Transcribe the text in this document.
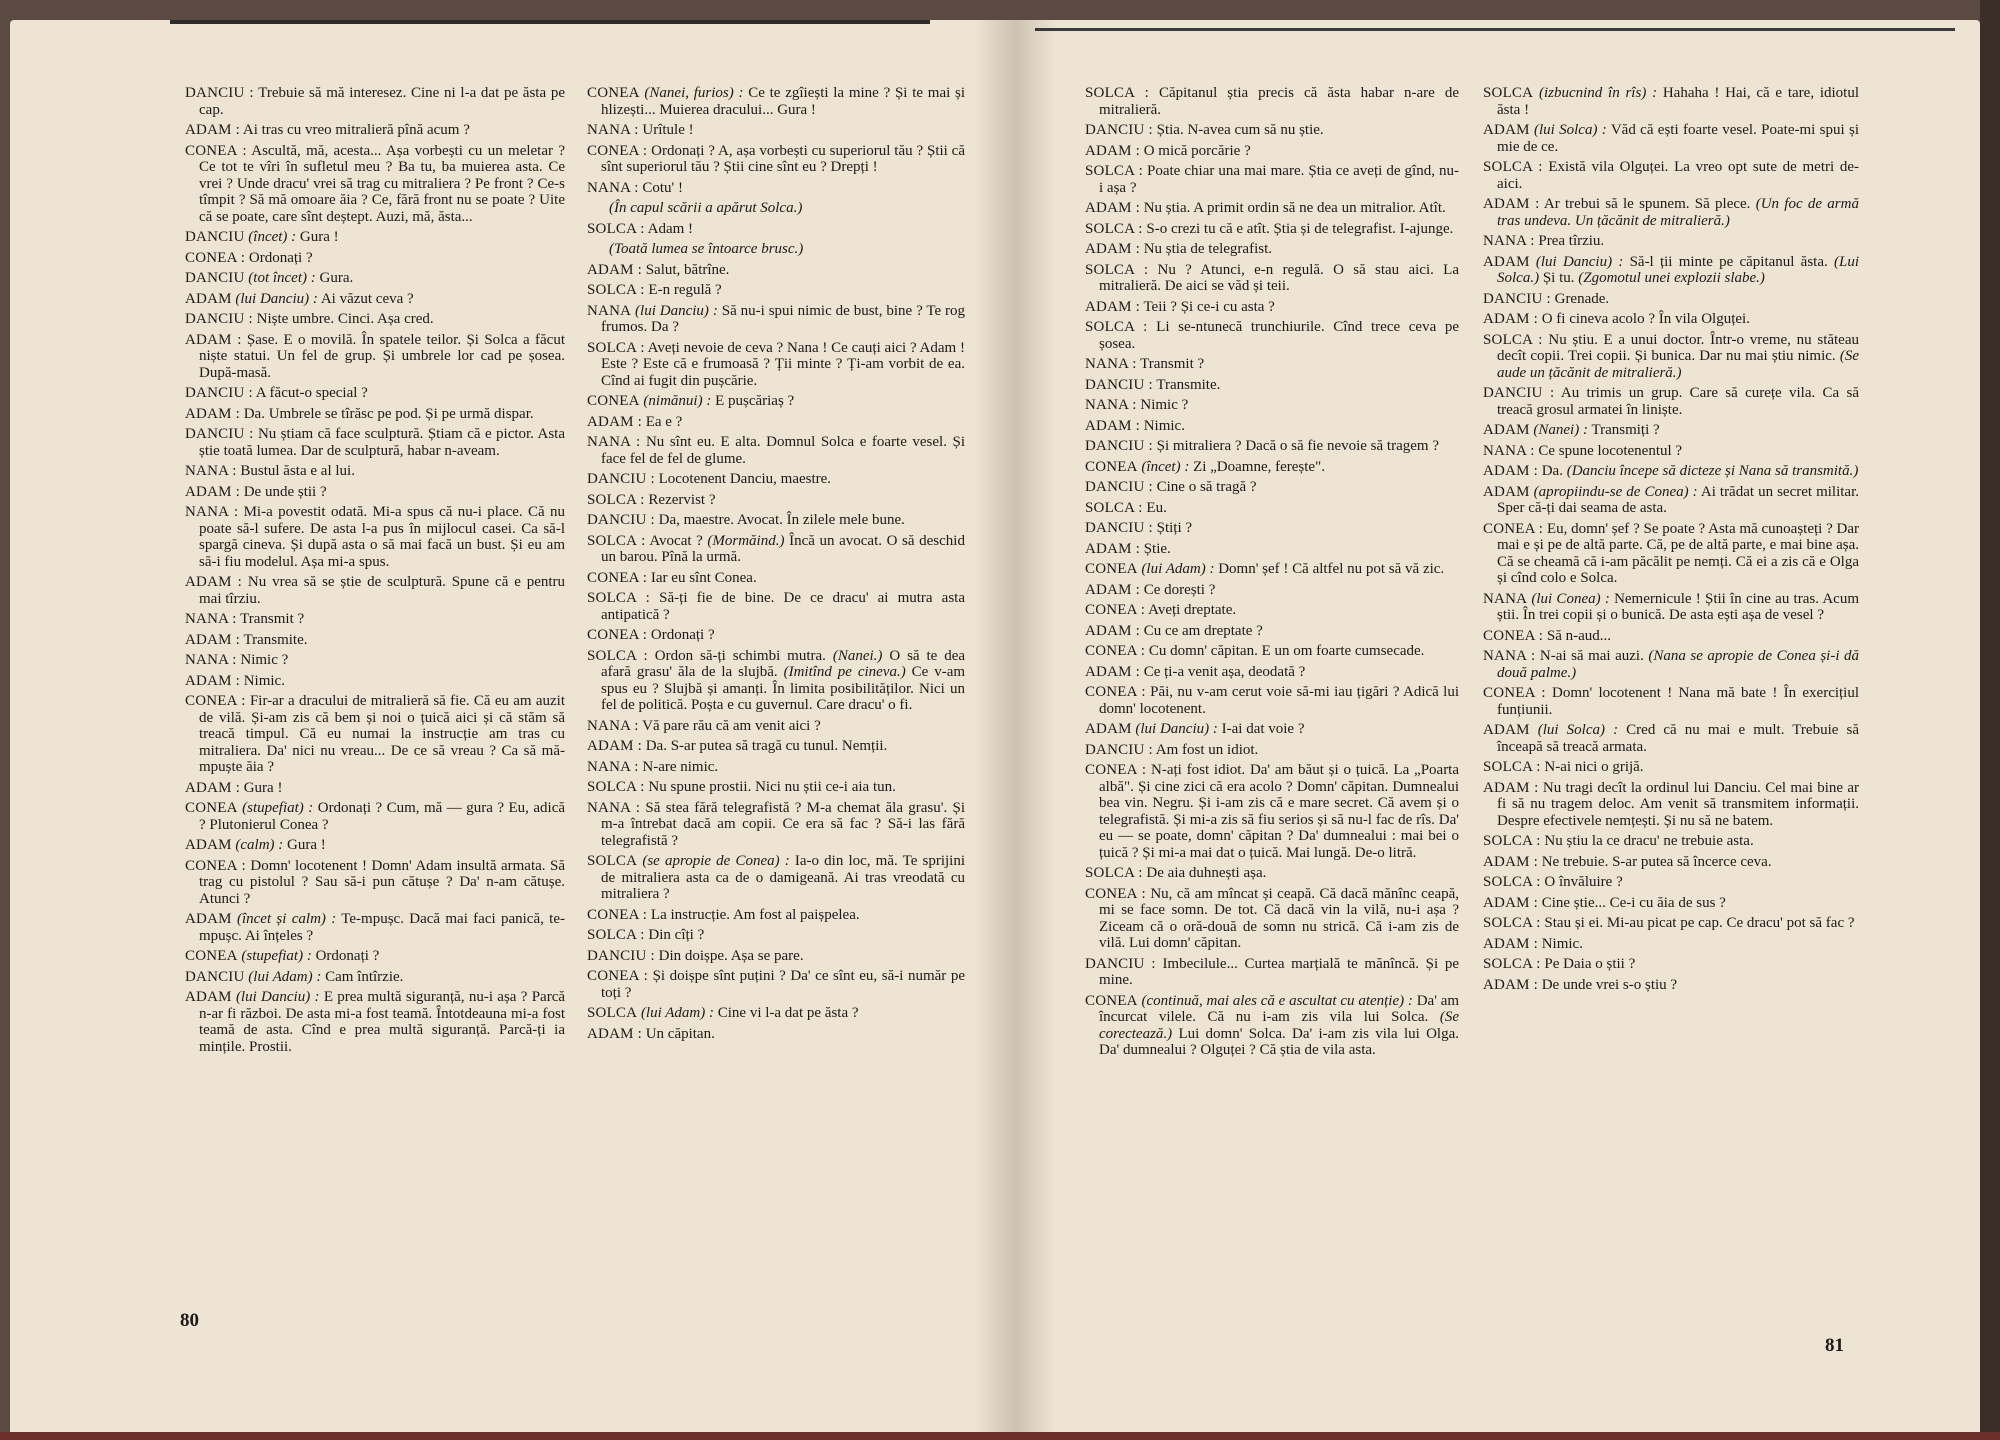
DANCIU : Trebuie să mă interesez. Cine ni l-a dat pe ăsta pe cap.

ADAM : Ai tras cu vreo mitralieră pînă acum ?

CONEA : Ascultă, mă, acesta... Așa vorbești cu un meletar ? Ce tot te vîri în sufletul meu ? Ba tu, ba muierea asta. Ce vrei ? Unde dracu' vrei să trag cu mitraliera ? Pe front ? Ce-s tîmpit ? Să mă omoare ăia ? Ce, fără front nu se poate ? Uite că se poate, care sînt deștept. Auzi, mă, ăsta...

DANCIU (încet) : Gura !

CONEA : Ordonați ?

DANCIU (tot încet) : Gura.

ADAM (lui Danciu) : Ai văzut ceva ?

DANCIU : Niște umbre. Cinci. Așa cred.

ADAM : Șase. E o movilă. În spatele teilor. Și Solca a făcut niște statui. Un fel de grup. Și umbrele lor cad pe șosea. După-masă.

DANCIU : A făcut-o special ?

ADAM : Da. Umbrele se tîrăsc pe pod. Și pe urmă dispar.

DANCIU : Nu știam că face sculptură. Știam că e pictor. Asta știe toată lumea. Dar de sculptură, habar n-aveam.

NANA : Bustul ăsta e al lui.

ADAM : De unde știi ?

NANA : Mi-a povestit odată. Mi-a spus că nu-i place. Că nu poate să-l sufere. De asta l-a pus în mijlocul casei. Ca să-l spargă cineva. Și după asta o să mai facă un bust. Și eu am să-i fiu modelul. Așa mi-a spus.

ADAM : Nu vrea să se știe de sculptură. Spune că e pentru mai tîrziu.

NANA : Transmit ?

ADAM : Transmite.

NANA : Nimic ?

ADAM : Nimic.

CONEA : Fir-ar a dracului de mitralieră să fie. Că eu am auzit de vilă. Și-am zis că bem și noi o țuică aici și că stăm să treacă timpul. Că eu numai la instrucție am tras cu mitraliera. Da' nici nu vreau... De ce să vreau ? Ca să mă-mpuște ăia ?

ADAM : Gura !

CONEA (stupefiat) : Ordonați ? Cum, mă — gura ? Eu, adică ? Plutonierul Conea ?

ADAM (calm) : Gura !

CONEA : Domn' locotenent ! Domn' Adam insultă armata. Să trag cu pistolul ? Sau să-i pun cătușe ? Da' n-am cătușe. Atunci ?

ADAM (încet și calm) : Te-mpușc. Dacă mai faci panică, te-mpușc. Ai înțeles ?

CONEA (stupefiat) : Ordonați ?

DANCIU (lui Adam) : Cam întîrzie.

ADAM (lui Danciu) : E prea multă siguranță, nu-i așa ? Parcă n-ar fi război. De asta mi-a fost teamă. Întotdeauna mi-a fost teamă de asta. Cînd e prea multă siguranță. Parcă-ți ia mințile. Prostii.

CONEA (Nanei, furios) : Ce te zgîiești la mine ? Și te mai și hlizești... Muierea dracului... Gura !

NANA : Urîtule !

CONEA : Ordonați ? A, așa vorbești cu superiorul tău ? Știi că sînt superiorul tău ? Știi cine sînt eu ? Drepți !

NANA : Cotu' !

(În capul scării a apărut Solca.)

SOLCA : Adam !

(Toată lumea se întoarce brusc.)

ADAM : Salut, bătrîne.

SOLCA : E-n regulă ?

NANA (lui Danciu) : Să nu-i spui nimic de bust, bine ? Te rog frumos. Da ?

SOLCA : Aveți nevoie de ceva ? Nana ! Ce cauți aici ? Adam ! Este ? Este că e frumoasă ? Ții minte ? Ți-am vorbit de ea. Cînd ai fugit din pușcărie.

CONEA (nimănui) : E pușcăriaș ?

ADAM : Ea e ?

NANA : Nu sînt eu. E alta. Domnul Solca e foarte vesel. Și face fel de fel de glume.

DANCIU : Locotenent Danciu, maestre.

SOLCA : Rezervist ?

DANCIU : Da, maestre. Avocat. În zilele mele bune.

SOLCA : Avocat ? (Mormăind.) Încă un avocat. O să deschid un barou. Pînă la urmă.

CONEA : Iar eu sînt Conea.

SOLCA : Să-ți fie de bine. De ce dracu' ai mutra asta antipatică ?

CONEA : Ordonați ?

SOLCA : Ordon să-ți schimbi mutra. (Nanei.) O să te dea afară grasu' ăla de la slujbă. (Imitînd pe cineva.) Ce v-am spus eu ? Slujbă și amanți. În limita posibilităților. Nici un fel de politică. Poșta e cu guvernul. Care dracu' o fi.

NANA : Vă pare rău că am venit aici ?

ADAM : Da. S-ar putea să tragă cu tunul. Nemții.

NANA : N-are nimic.

SOLCA : Nu spune prostii. Nici nu știi ce-i aia tun.

NANA : Să stea fără telegrafistă ? M-a chemat ăla grasu'. Și m-a întrebat dacă am copii. Ce era să fac ? Să-i las fără telegrafistă ?

SOLCA (se apropie de Conea) : Ia-o din loc, mă. Te sprijini de mitraliera asta ca de o damigeană. Ai tras vreodată cu mitraliera ?

CONEA : La instrucție. Am fost al paișpelea.

SOLCA : Din cîți ?

DANCIU : Din doișpe. Așa se pare.

CONEA : Și doișpe sînt puțini ? Da' ce sînt eu, să-i număr pe toți ?

SOLCA (lui Adam) : Cine vi l-a dat pe ăsta ?

ADAM : Un căpitan.

80

SOLCA : Căpitanul știa precis că ăsta habar n-are de mitralieră.

DANCIU : Știa. N-avea cum să nu știe.

ADAM : O mică porcărie ?

SOLCA : Poate chiar una mai mare. Știa ce aveți de gînd, nu-i așa ?

ADAM : Nu știa. A primit ordin să ne dea un mitralior. Atît.

SOLCA : S-o crezi tu că e atît. Știa și de telegrafist. I-ajunge.

ADAM : Nu știa de telegrafist.

SOLCA : Nu ? Atunci, e-n regulă. O să stau aici. La mitralieră. De aici se văd și teii.

ADAM : Teii ? Și ce-i cu asta ?

SOLCA : Li se-ntunecă trunchiurile. Cînd trece ceva pe șosea.

NANA : Transmit ?

DANCIU : Transmite.

NANA : Nimic ?

ADAM : Nimic.

DANCIU : Și mitraliera ? Dacă o să fie nevoie să tragem ?

CONEA (încet) : Zi „Doamne, ferește".

DANCIU : Cine o să tragă ?

SOLCA : Eu.

DANCIU : Știți ?

ADAM : Știe.

CONEA (lui Adam) : Domn' șef ! Că altfel nu pot să vă zic.

ADAM : Ce dorești ?

CONEA : Aveți dreptate.

ADAM : Cu ce am dreptate ?

CONEA : Cu domn' căpitan. E un om foarte cumsecade.

ADAM : Ce ți-a venit așa, deodată ?

CONEA : Păi, nu v-am cerut voie să-mi iau țigări ? Adică lui domn' locotenent.

ADAM (lui Danciu) : I-ai dat voie ?

DANCIU : Am fost un idiot.

CONEA : N-ați fost idiot. Da' am băut și o țuică. La „Poarta albă". Și cine zici că era acolo ? Domn' căpitan. Dumnealui bea vin. Negru. Și i-am zis că e mare secret. Că avem și o telegrafistă. Și mi-a zis să fiu serios și să nu-l fac de rîs. Da' eu — se poate, domn' căpitan ? Da' dumnealui : mai bei o țuică ? Și mi-a mai dat o țuică. Mai lungă. De-o litră.

SOLCA : De aia duhnești așa.

CONEA : Nu, că am mîncat și ceapă. Că dacă mănînc ceapă, mi se face somn. De tot. Că dacă vin la vilă, nu-i așa ? Ziceam că o oră-două de somn nu strică. Că i-am zis de vilă. Lui domn' căpitan.

DANCIU : Imbecilule... Curtea marțială te mănîncă. Și pe mine.

CONEA (continuă, mai ales că e ascultat cu atenție) : Da' am încurcat vilele. Că nu i-am zis vila lui Solca. (Se corectează.) Lui domn' Solca. Da' i-am zis vila lui Olga. Da' dumnealui ? Olguței ? Că știa de vila asta.

SOLCA (izbucnind în rîs) : Hahaha ! Hai, că e tare, idiotul ăsta !

ADAM (lui Solca) : Văd că ești foarte vesel. Poate-mi spui și mie de ce.

SOLCA : Există vila Olguței. La vreo opt sute de metri de-aici.

ADAM : Ar trebui să le spunem. Să plece. (Un foc de armă tras undeva. Un țăcănit de mitralieră.)

NANA : Prea tîrziu.

ADAM (lui Danciu) : Să-l ții minte pe căpitanul ăsta. (Lui Solca.) Și tu. (Zgomotul unei explozii slabe.)

DANCIU : Grenade.

ADAM : O fi cineva acolo ? În vila Olguței.

SOLCA : Nu știu. E a unui doctor. Într-o vreme, nu stăteau decît copii. Trei copii. Și bunica. Dar nu mai știu nimic. (Se aude un țăcănit de mitralieră.)

DANCIU : Au trimis un grup. Care să curețe vila. Ca să treacă grosul armatei în liniște.

ADAM (Nanei) : Transmiți ?

NANA : Ce spune locotenentul ?

ADAM : Da. (Danciu începe să dicteze și Nana să transmită.)

ADAM (apropiindu-se de Conea) : Ai trădat un secret militar. Sper că-ți dai seama de asta.

CONEA : Eu, domn' șef ? Se poate ? Asta mă cunoașteți ? Dar mai e și pe de altă parte. Că, pe de altă parte, e mai bine așa. Că se cheamă că i-am păcălit pe nemți. Că ei a zis că e Olga și cînd colo e Solca.

NANA (lui Conea) : Nemernicule ! Știi în cine au tras. Acum știi. În trei copii și o bunică. De asta ești așa de vesel ?

CONEA : Să n-aud...

NANA : N-ai să mai auzi. (Nana se apropie de Conea și-i dă două palme.)

CONEA : Domn' locotenent ! Nana mă bate ! În exercițiul funțiunii.

ADAM (lui Solca) : Cred că nu mai e mult. Trebuie să înceapă să treacă armata.

SOLCA : N-ai nici o grijă.

ADAM : Nu tragi decît la ordinul lui Danciu. Cel mai bine ar fi să nu tragem deloc. Am venit să transmitem informații. Despre efectivele nemțești. Și nu să ne batem.

SOLCA : Nu știu la ce dracu' ne trebuie asta.

ADAM : Ne trebuie. S-ar putea să încerce ceva.

SOLCA : O învăluire ?

ADAM : Cine știe... Ce-i cu ăia de sus ?

SOLCA : Stau și ei. Mi-au picat pe cap. Ce dracu' pot să fac ?

ADAM : Nimic.

SOLCA : Pe Daia o știi ?

ADAM : De unde vrei s-o știu ?

81
